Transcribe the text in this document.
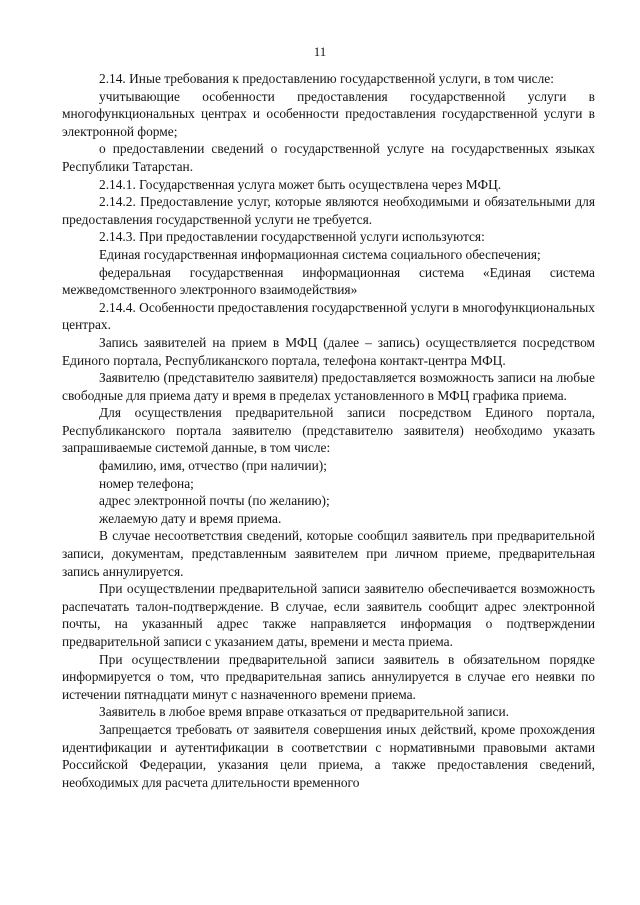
11

2.14. Иные требования к предоставлению государственной услуги, в том числе:

учитывающие особенности предоставления государственной услуги в многофункциональных центрах и особенности предоставления государственной услуги в электронной форме;

о предоставлении сведений о государственной услуге на государственных языках Республики Татарстан.

2.14.1. Государственная услуга может быть осуществлена через МФЦ.

2.14.2. Предоставление услуг, которые являются необходимыми и обязательными для предоставления государственной услуги не требуется.

2.14.3. При предоставлении государственной услуги используются:

Единая государственная информационная система социального обеспечения;

федеральная государственная информационная система «Единая система межведомственного электронного взаимодействия»

2.14.4. Особенности предоставления государственной услуги в многофункциональных центрах.

Запись заявителей на прием в МФЦ (далее – запись) осуществляется посредством Единого портала, Республиканского портала, телефона контакт-центра МФЦ.

Заявителю (представителю заявителя) предоставляется возможность записи на любые свободные для приема дату и время в пределах установленного в МФЦ графика приема.

Для осуществления предварительной записи посредством Единого портала, Республиканского портала заявителю (представителю заявителя) необходимо указать запрашиваемые системой данные, в том числе:

фамилию, имя, отчество (при наличии);

номер телефона;

адрес электронной почты (по желанию);

желаемую дату и время приема.

В случае несоответствия сведений, которые сообщил заявитель при предварительной записи, документам, представленным заявителем при личном приеме, предварительная запись аннулируется.

При осуществлении предварительной записи заявителю обеспечивается возможность распечатать талон-подтверждение. В случае, если заявитель сообщит адрес электронной почты, на указанный адрес также направляется информация о подтверждении предварительной записи с указанием даты, времени и места приема.

При осуществлении предварительной записи заявитель в обязательном порядке информируется о том, что предварительная запись аннулируется в случае его неявки по истечении пятнадцати минут с назначенного времени приема.

Заявитель в любое время вправе отказаться от предварительной записи.

Запрещается требовать от заявителя совершения иных действий, кроме прохождения идентификации и аутентификации в соответствии с нормативными правовыми актами Российской Федерации, указания цели приема, а также предоставления сведений, необходимых для расчета длительности временного
